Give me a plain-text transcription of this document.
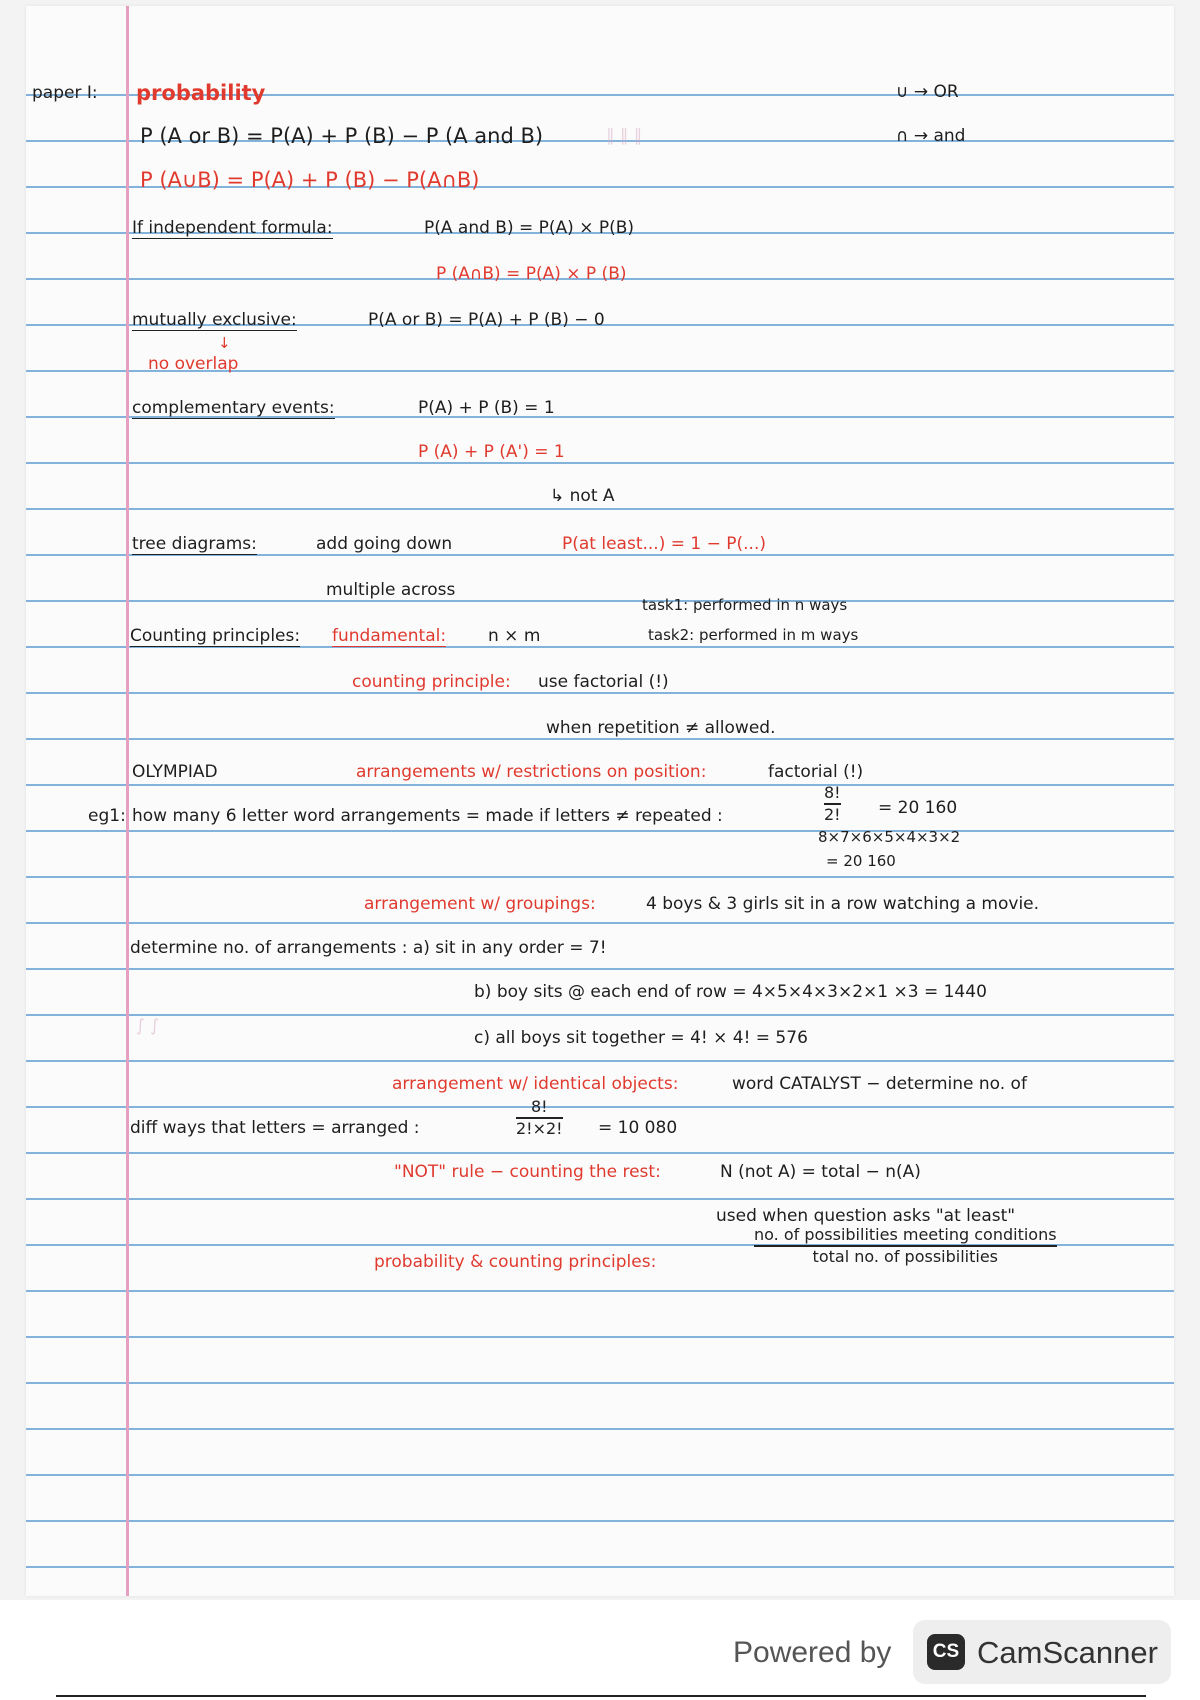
∥ ∥ ∥
∫ ∫
paper I: probability	∪ → OR
∩ → and
P (A or B) = P(A) + P (B) − P (A and B)
P (A∪B) = P(A) + P (B) − P(A∩B)
If independent formula:	P(A and B) = P(A) × P(B)
P (A∩B) = P(A) × P (B)
mutually exclusive:	P(A or B) = P(A) + P (B) − 0
↓
no overlap
complementary events:	P(A) + P (B) = 1
P (A) + P (A') = 1
↳ not A
tree diagrams:	add going down	P(at least...) = 1 − P(...)
multiple across
task1: performed in n ways
task2: performed in m ways
Counting principles: fundamental: n × m
counting principle: use factorial (!)
when repetition ≠ allowed.
OLYMPIAD	arrangements w/ restrictions on position:	factorial (!)
eg1: how many 6 letter word arrangements = made if letters ≠ repeated :
8!
2! = 20 160
8×7×6×5×4×3×2
= 20 160
arrangement w/ groupings:	4 boys & 3 girls sit in a row watching a movie.
determine no. of arrangements : a) sit in any order = 7!
b) boy sits @ each end of row = 4×5×4×3×2×1 ×3 = 1440
c) all boys sit together = 4! × 4! = 576
arrangement w/ identical objects:	word CATALYST − determine no. of
diff ways that letters = arranged :
8!
2!×2! = 10 080
"NOT" rule − counting the rest:	N (not A) = total − n(A)
used when question asks "at least"
probability & counting principles:
no. of possibilities meeting conditions
total no. of possibilities
Powered by	CS CamScanner
